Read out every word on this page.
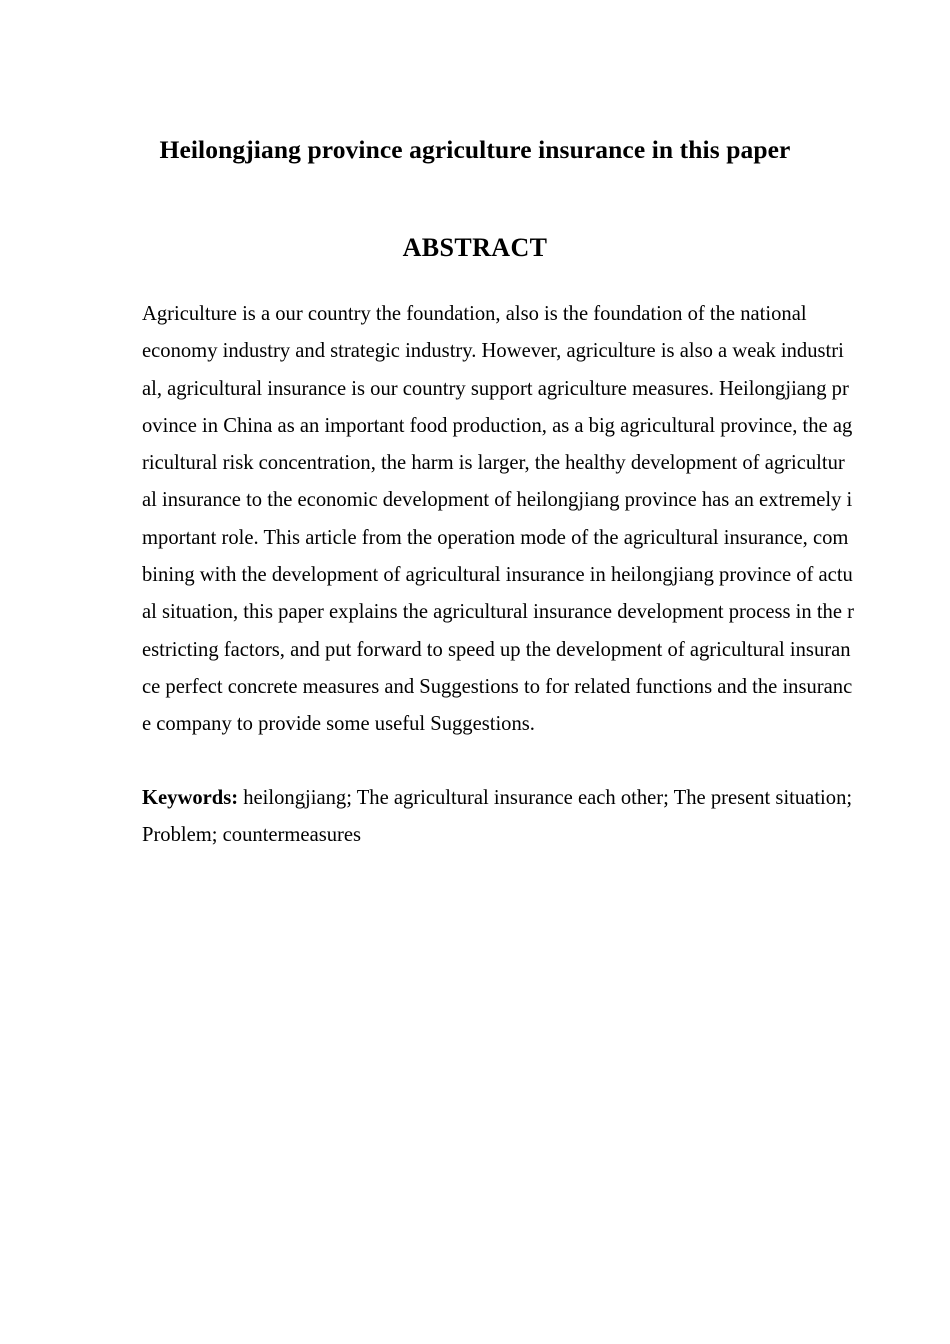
Heilongjiang province agriculture insurance in this paper
ABSTRACT
Agriculture is a our country the foundation, also is the foundation of the national
economy industry and strategic industry. However, agriculture is also a weak industri
al, agricultural insurance is our country support agriculture measures. Heilongjiang pr
ovince in China as an important food production, as a big agricultural province, the ag
ricultural risk concentration, the harm is larger, the healthy development of agricultur
al insurance to the economic development of heilongjiang province has an extremely i
mportant role. This article from the operation mode of the agricultural insurance, com
bining with the development of agricultural insurance in heilongjiang province of actu
al situation, this paper explains the agricultural insurance development process in the r
estricting factors, and put forward to speed up the development of agricultural insuran
ce perfect concrete measures and Suggestions to for related functions and the insuranc
e company to provide some useful Suggestions.
Keywords: heilongjiang; The agricultural insurance each other; The present situation;
Problem; countermeasures
